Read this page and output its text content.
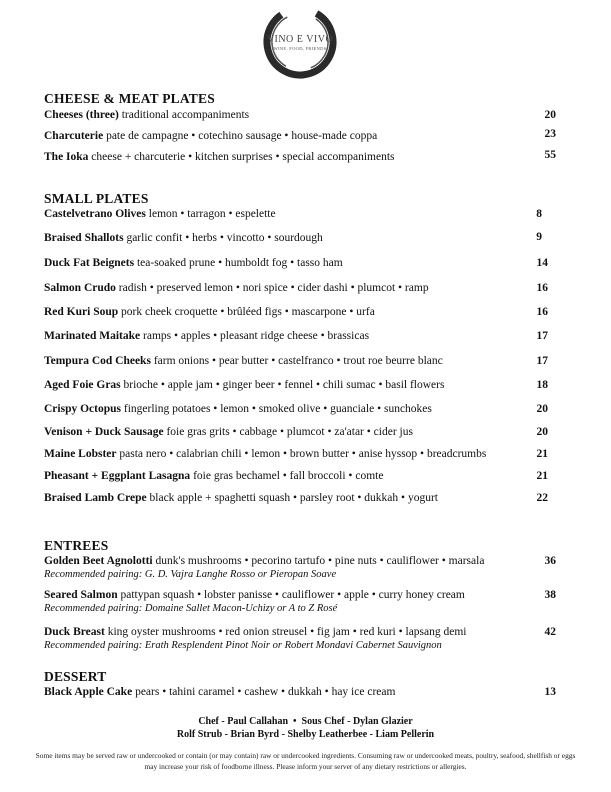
VINO E VIVO
WINE, FOOD, FRIENDS
CHEESE & MEAT PLATES
Cheeses (three) traditional accompaniments	20
Charcuterie pate de campagne • cotechino sausage • house-made coppa	23
The Ioka cheese + charcuterie • kitchen surprises • special accompaniments	55
SMALL PLATES
Castelvetrano Olives lemon • tarragon • espelette	8
Braised Shallots garlic confit • herbs • vincotto • sourdough	9
Duck Fat Beignets tea-soaked prune • humboldt fog • tasso ham	14
Salmon Crudo radish • preserved lemon • nori spice • cider dashi • plumcot • ramp	16
Red Kuri Soup pork cheek croquette • brûléed figs • mascarpone • urfa	16
Marinated Maitake ramps • apples • pleasant ridge cheese • brassicas	17
Tempura Cod Cheeks farm onions • pear butter • castelfranco • trout roe beurre blanc	17
Aged Foie Gras brioche • apple jam • ginger beer • fennel • chili sumac • basil flowers	18
Crispy Octopus fingerling potatoes • lemon • smoked olive • guanciale • sunchokes	20
Venison + Duck Sausage foie gras grits • cabbage • plumcot • za'atar • cider jus	20
Maine Lobster pasta nero • calabrian chili • lemon • brown butter • anise hyssop • breadcrumbs	21
Pheasant + Eggplant Lasagna foie gras bechamel • fall broccoli • comte	21
Braised Lamb Crepe black apple + spaghetti squash • parsley root • dukkah • yogurt	22
ENTREES
Golden Beet Agnolotti dunk's mushrooms • pecorino tartufo • pine nuts • cauliflower • marsala	36
Recommended pairing: G. D. Vajra Langhe Rosso or Pieropan Soave
Seared Salmon pattypan squash • lobster panisse • cauliflower • apple • curry honey cream	38
Recommended pairing: Domaine Sallet Macon-Uchizy or A to Z Rosé
Duck Breast king oyster mushrooms • red onion streusel • fig jam • red kuri • lapsang demi	42
Recommended pairing: Erath Resplendent Pinot Noir or Robert Mondavi Cabernet Sauvignon
DESSERT
Black Apple Cake pears • tahini caramel • cashew • dukkah • hay ice cream	13
Chef - Paul Callahan  •  Sous Chef - Dylan Glazier
Rolf Strub - Brian Byrd - Shelby Leatherbee - Liam Pellerin
Some items may be served raw or undercooked or contain (or may contain) raw or undercooked ingredients. Consuming raw or undercooked meats, poultry, seafood, shellfish or eggs may increase your risk of foodborne illness. Please inform your server of any dietary restrictions or allergies.
